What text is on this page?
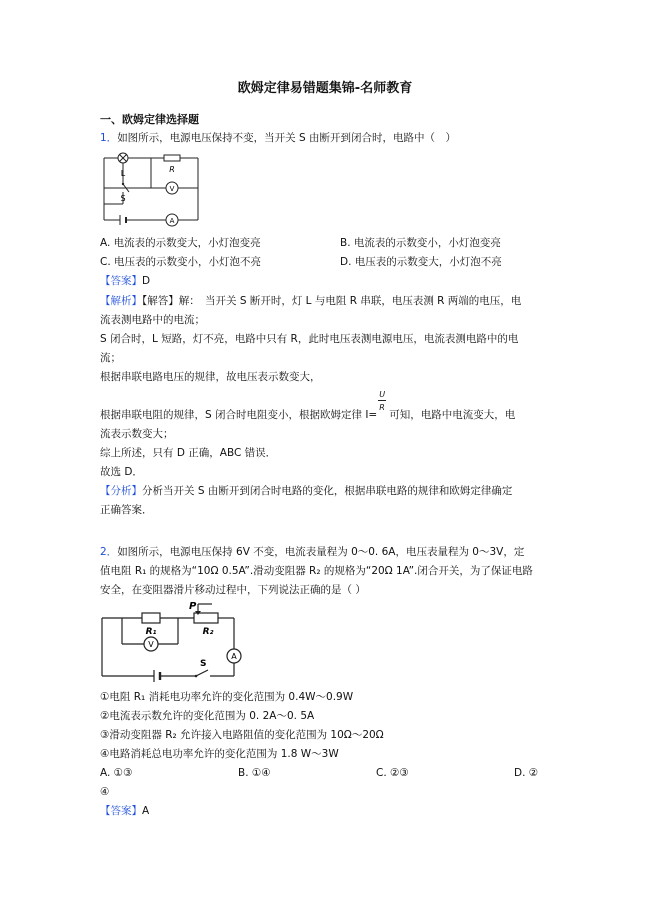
欧姆定律易错题集锦-名师教育
一、欧姆定律选择题
1．如图所示，电源电压保持不变，当开关 S 由断开到闭合时，电路中（　）
L	R
S
V
A
A. 电流表的示数变大，小灯泡变亮	B. 电流表的示数变小，小灯泡变亮
C. 电压表的示数变小，小灯泡不亮	D. 电压表的示数变大，小灯泡不亮
【答案】D
【解析】【解答】解：　当开关 S 断开时，灯 L 与电阻 R 串联，电压表测 R 两端的电压，电
流表测电路中的电流；
S 闭合时，L 短路，灯不亮，电路中只有 R，此时电压表测电源电压，电流表测电路中的电
流；
根据串联电路电压的规律，故电压表示数变大，
根据串联电阻的规律，S 闭合时电阻变小，根据欧姆定律 $I= \frac{U}{R}$ 可知，电路中电流变大，电
流表示数变大；
综上所述，只有 D 正确，ABC 错误．
故选 D．
【分析】分析当开关 S 由断开到闭合时电路的变化，根据串联电路的规律和欧姆定律确定
正确答案．
2．如图所示，电源电压保持 6V 不变，电流表量程为 0～0. 6A，电压表量程为 0～3V，定
值电阻 R₁ 的规格为“10Ω 0.5A”.滑动变阻器 R₂ 的规格为“20Ω 1A”.闭合开关，为了保证电路
安全，在变阻器滑片移动过程中，下列说法正确的是（ ）
P
R₁	R₂
V
A
S
①电阻 R₁ 消耗电功率允许的变化范围为 0.4W～0.9W
②电流表示数允许的变化范围为 0. 2A～0. 5A
③滑动变阻器 R₂ 允许接入电路阻值的变化范围为 10Ω～20Ω
④电路消耗总电功率允许的变化范围为 1.8 W～3W
A. ①③	B. ①④	C. ②③	D. ②
④
【答案】A
